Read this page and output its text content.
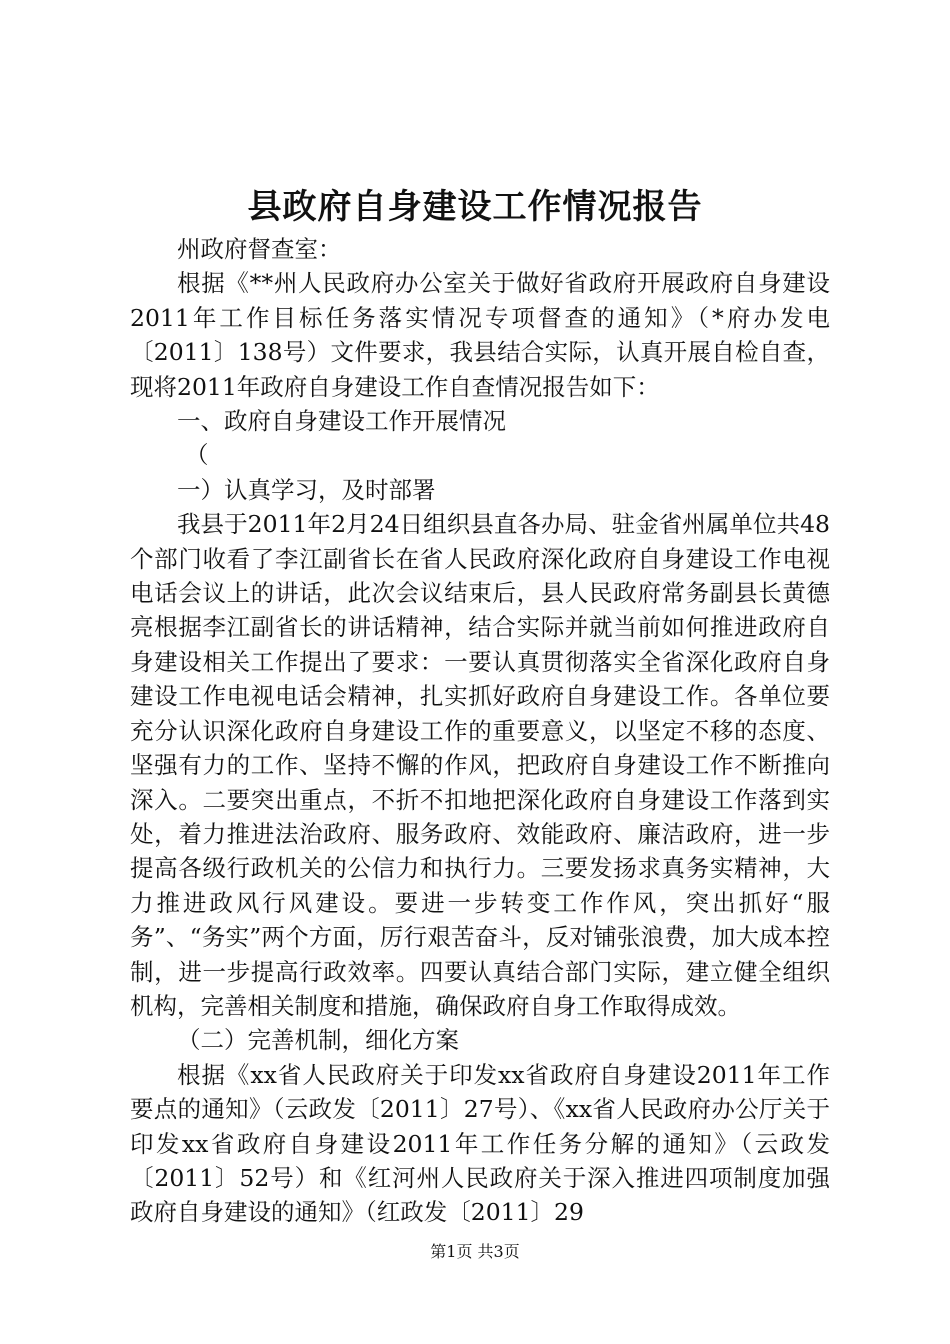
县政府自身建设工作情况报告

州政府督查室：

根据《**州人民政府办公室关于做好省政府开展政府自身建设2011年工作目标任务落实情况专项督查的通知》（*府办发电〔2011〕138号）文件要求，我县结合实际，认真开展自检自查，现将2011年政府自身建设工作自查情况报告如下：

一、政府自身建设工作开展情况

（

一）认真学习，及时部署

我县于2011年2月24日组织县直各办局、驻金省州属单位共48个部门收看了李江副省长在省人民政府深化政府自身建设工作电视电话会议上的讲话，此次会议结束后，县人民政府常务副县长黄德亮根据李江副省长的讲话精神，结合实际并就当前如何推进政府自身建设相关工作提出了要求：一要认真贯彻落实全省深化政府自身建设工作电视电话会精神，扎实抓好政府自身建设工作。各单位要充分认识深化政府自身建设工作的重要意义，以坚定不移的态度、坚强有力的工作、坚持不懈的作风，把政府自身建设工作不断推向深入。二要突出重点，不折不扣地把深化政府自身建设工作落到实处，着力推进法治政府、服务政府、效能政府、廉洁政府，进一步提高各级行政机关的公信力和执行力。三要发扬求真务实精神，大力推进政风行风建设。要进一步转变工作作风，突出抓好“服务”、“务实”两个方面，厉行艰苦奋斗，反对铺张浪费，加大成本控制，进一步提高行政效率。四要认真结合部门实际，建立健全组织机构，完善相关制度和措施，确保政府自身工作取得成效。

（二）完善机制，细化方案

根据《xx省人民政府关于印发xx省政府自身建设2011年工作要点的通知》（云政发〔2011〕27号）、《xx省人民政府办公厅关于印发xx省政府自身建设2011年工作任务分解的通知》（云政发〔2011〕52号）和《红河州人民政府关于深入推进四项制度加强政府自身建设的通知》（红政发〔2011〕29

第1页 共3页
